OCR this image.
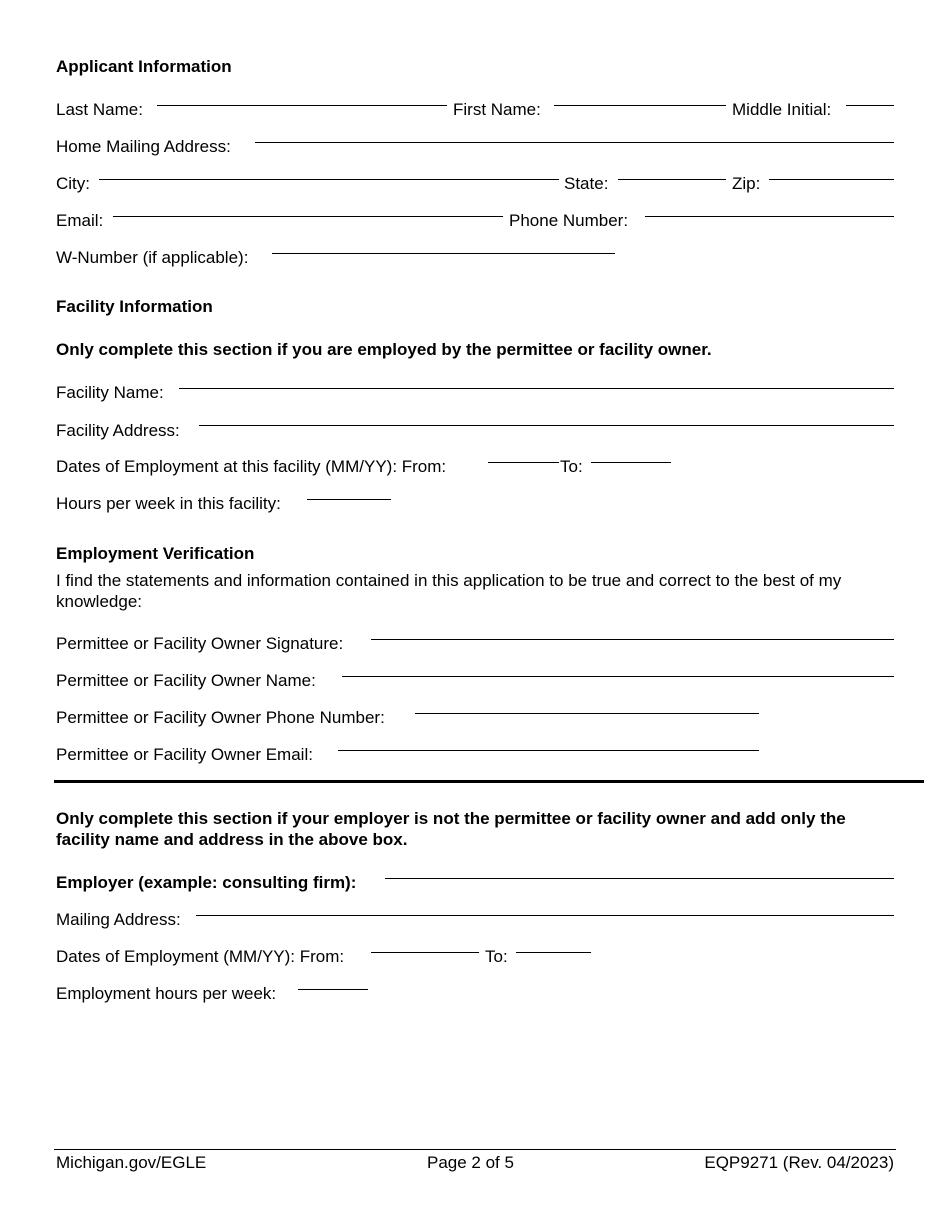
Applicant Information
Last Name:	First Name:	Middle Initial:
Home Mailing Address:
City:	State:	Zip:
Email:	Phone Number:
W-Number (if applicable):
Facility Information
Only complete this section if you are employed by the permittee or facility owner.
Facility Name:
Facility Address:
Dates of Employment at this facility (MM/YY): From:	To:
Hours per week in this facility:
Employment Verification
I find the statements and information contained in this application to be true and correct to the best of my knowledge:
Permittee or Facility Owner Signature:
Permittee or Facility Owner Name:
Permittee or Facility Owner Phone Number:
Permittee or Facility Owner Email:
Only complete this section if your employer is not the permittee or facility owner and add only the facility name and address in the above box.
Employer (example: consulting firm):
Mailing Address:
Dates of Employment (MM/YY): From:	To:
Employment hours per week:
Michigan.gov/EGLE	Page 2 of 5	EQP9271 (Rev. 04/2023)
